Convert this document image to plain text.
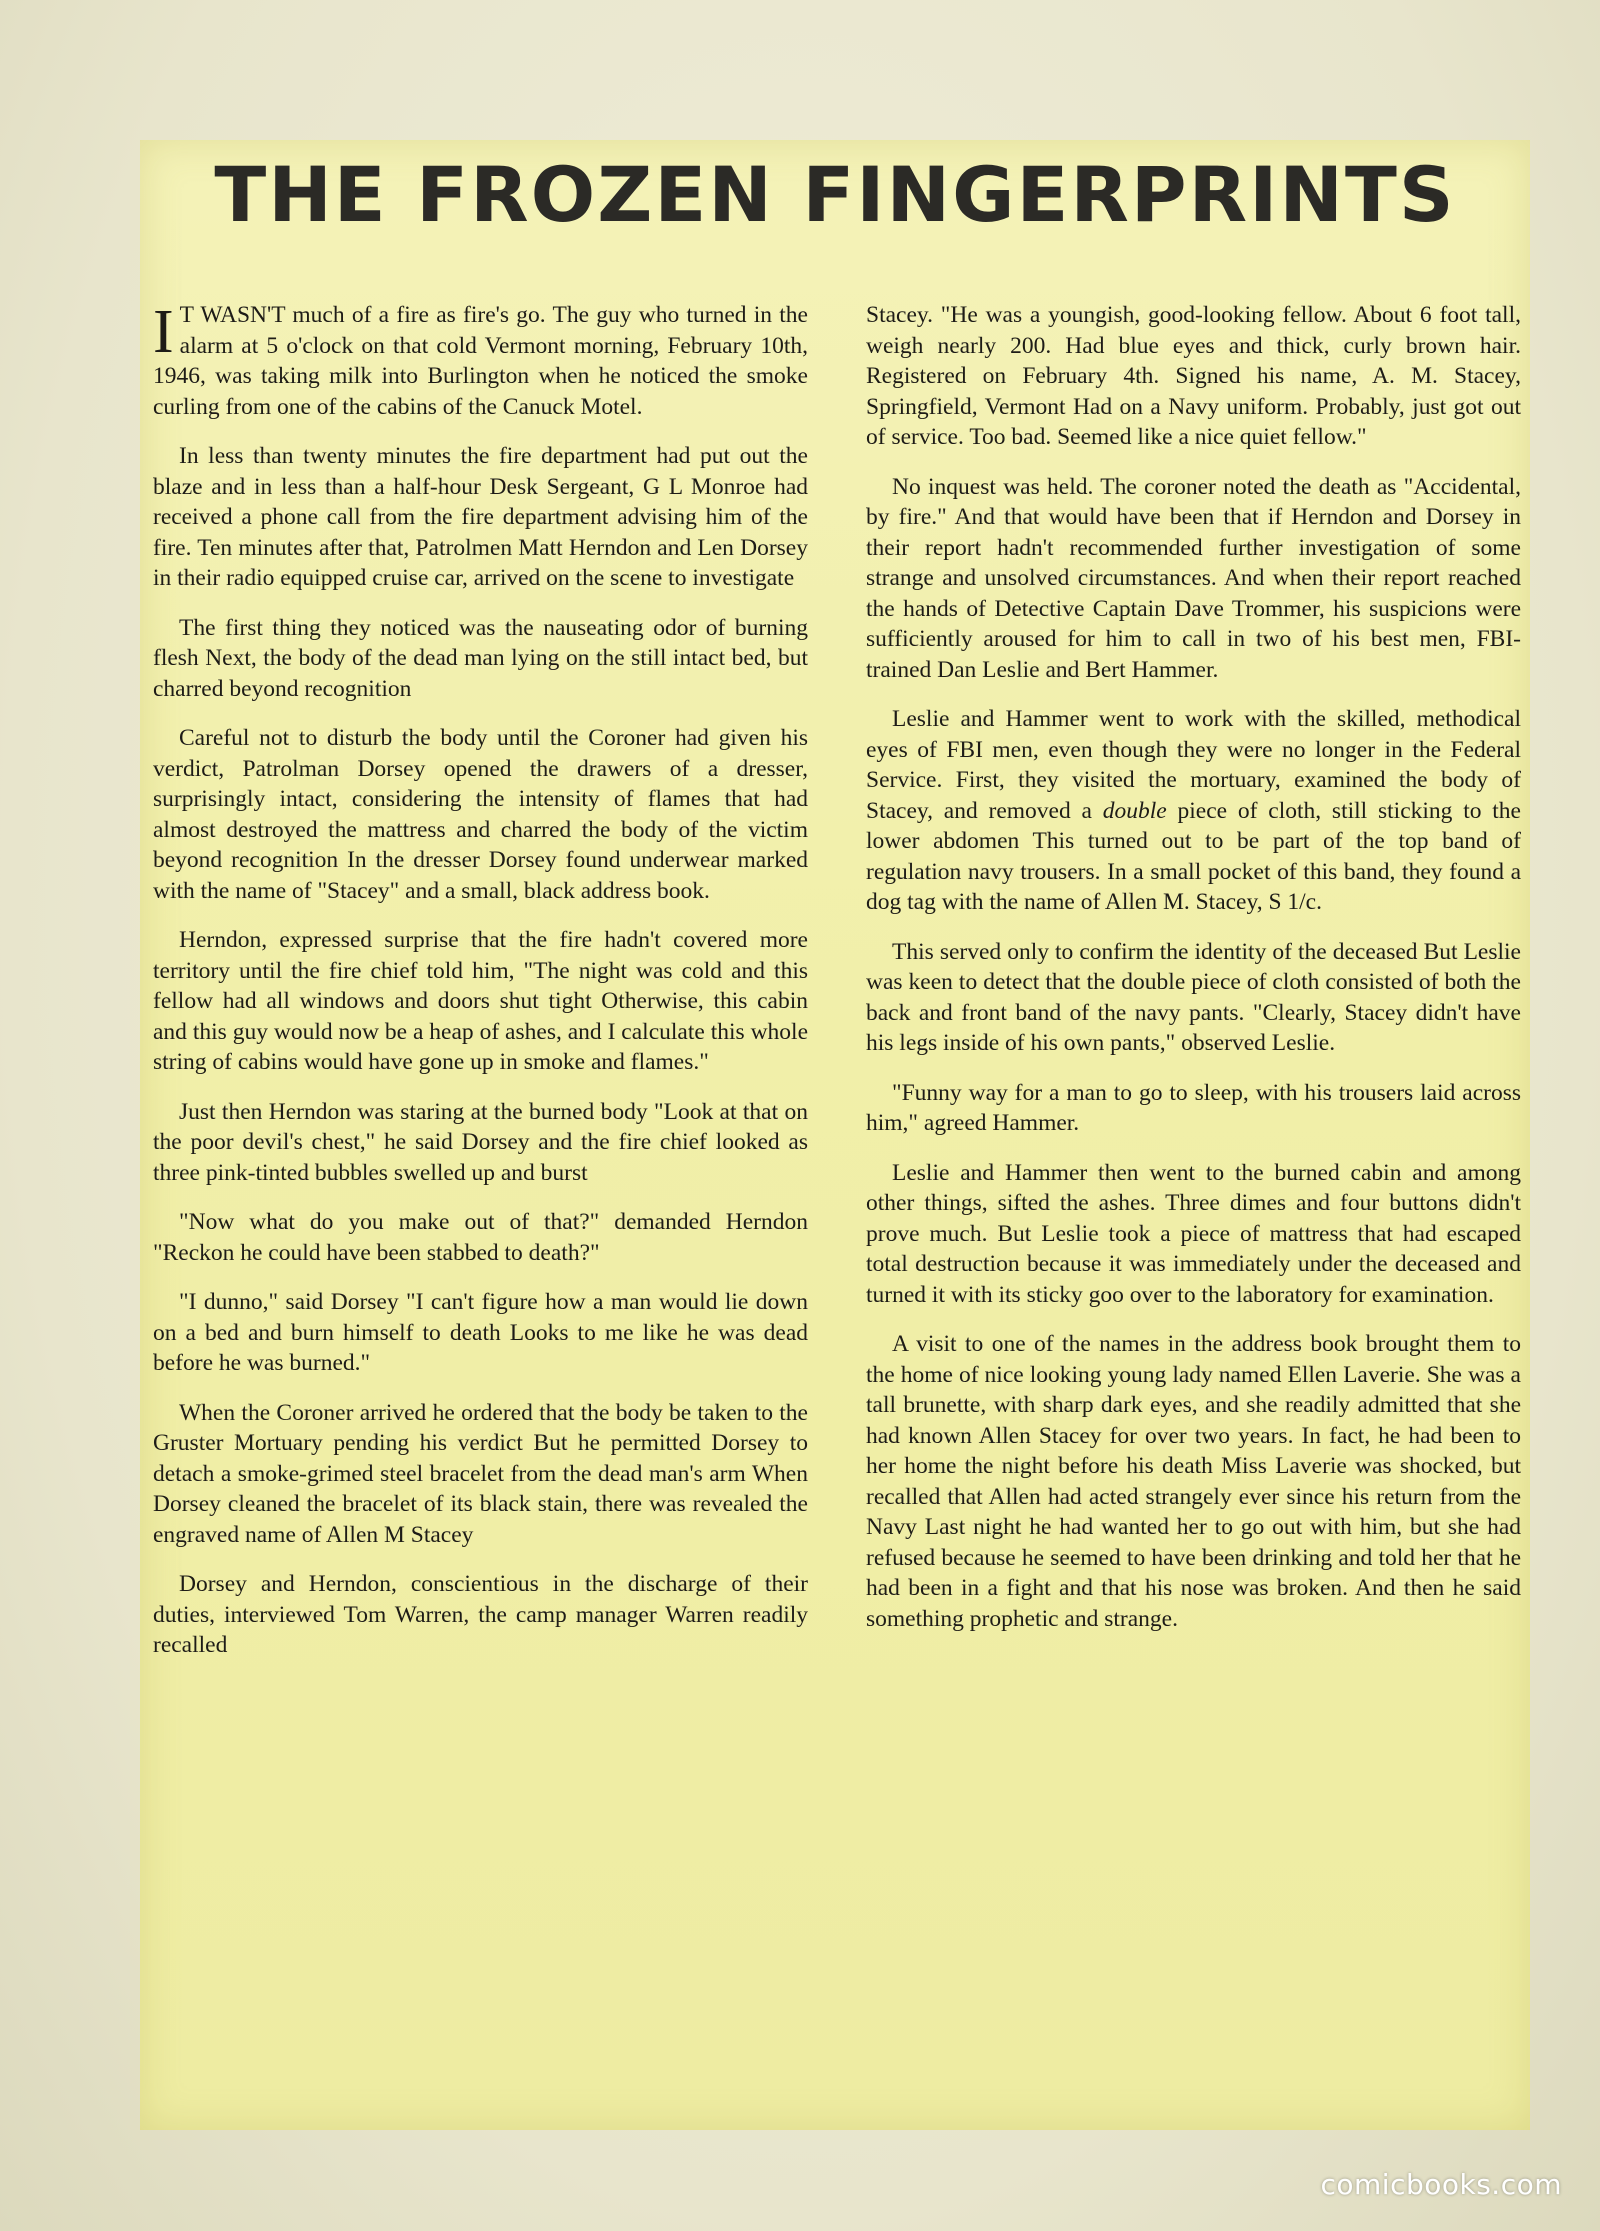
THE FROZEN FINGERPRINTS

I T WASN'T much of a fire as fire's go. The guy who turned in the alarm at 5 o'clock on that cold Vermont morning, February 10th, 1946, was taking milk into Burlington when he noticed the smoke curling from one of the cabins of the Canuck Motel.

In less than twenty minutes the fire department had put out the blaze and in less than a half-hour Desk Sergeant, G L Monroe had received a phone call from the fire department advising him of the fire. Ten minutes after that, Patrolmen Matt Herndon and Len Dorsey in their radio equipped cruise car, arrived on the scene to investigate

The first thing they noticed was the nauseating odor of burning flesh Next, the body of the dead man lying on the still intact bed, but charred beyond recognition

Careful not to disturb the body until the Coroner had given his verdict, Patrolman Dorsey opened the drawers of a dresser, surprisingly intact, considering the intensity of flames that had almost destroyed the mattress and charred the body of the victim beyond recognition In the dresser Dorsey found underwear marked with the name of "Stacey" and a small, black address book.

Herndon, expressed surprise that the fire hadn't covered more territory until the fire chief told him, "The night was cold and this fellow had all windows and doors shut tight Otherwise, this cabin and this guy would now be a heap of ashes, and I calculate this whole string of cabins would have gone up in smoke and flames."

Just then Herndon was staring at the burned body "Look at that on the poor devil's chest," he said Dorsey and the fire chief looked as three pink-tinted bubbles swelled up and burst

"Now what do you make out of that?" demanded Herndon "Reckon he could have been stabbed to death?"

"I dunno," said Dorsey "I can't figure how a man would lie down on a bed and burn himself to death Looks to me like he was dead before he was burned."

When the Coroner arrived he ordered that the body be taken to the Gruster Mortuary pending his verdict But he permitted Dorsey to detach a smoke-grimed steel bracelet from the dead man's arm When Dorsey cleaned the bracelet of its black stain, there was revealed the engraved name of Allen M Stacey

Dorsey and Herndon, conscientious in the discharge of their duties, interviewed Tom Warren, the camp manager Warren readily recalled

Stacey. "He was a youngish, good-looking fellow. About 6 foot tall, weigh nearly 200. Had blue eyes and thick, curly brown hair. Registered on February 4th. Signed his name, A. M. Stacey, Springfield, Vermont Had on a Navy uniform. Probably, just got out of service. Too bad. Seemed like a nice quiet fellow."

No inquest was held. The coroner noted the death as "Accidental, by fire." And that would have been that if Herndon and Dorsey in their report hadn't recommended further investigation of some strange and unsolved circumstances. And when their report reached the hands of Detective Captain Dave Trommer, his suspicions were sufficiently aroused for him to call in two of his best men, FBI-trained Dan Leslie and Bert Hammer.

Leslie and Hammer went to work with the skilled, methodical eyes of FBI men, even though they were no longer in the Federal Service. First, they visited the mortuary, examined the body of Stacey, and removed a double piece of cloth, still sticking to the lower abdomen This turned out to be part of the top band of regulation navy trousers. In a small pocket of this band, they found a dog tag with the name of Allen M. Stacey, S 1/c.

This served only to confirm the identity of the deceased But Leslie was keen to detect that the double piece of cloth consisted of both the back and front band of the navy pants. "Clearly, Stacey didn't have his legs inside of his own pants," observed Leslie.

"Funny way for a man to go to sleep, with his trousers laid across him," agreed Hammer.

Leslie and Hammer then went to the burned cabin and among other things, sifted the ashes. Three dimes and four buttons didn't prove much. But Leslie took a piece of mattress that had escaped total destruction because it was immediately under the deceased and turned it with its sticky goo over to the laboratory for examination.

A visit to one of the names in the address book brought them to the home of nice looking young lady named Ellen Laverie. She was a tall brunette, with sharp dark eyes, and she readily admitted that she had known Allen Stacey for over two years. In fact, he had been to her home the night before his death Miss Laverie was shocked, but recalled that Allen had acted strangely ever since his return from the Navy Last night he had wanted her to go out with him, but she had refused because he seemed to have been drinking and told her that he had been in a fight and that his nose was broken. And then he said something prophetic and strange.

comicbooks.com
